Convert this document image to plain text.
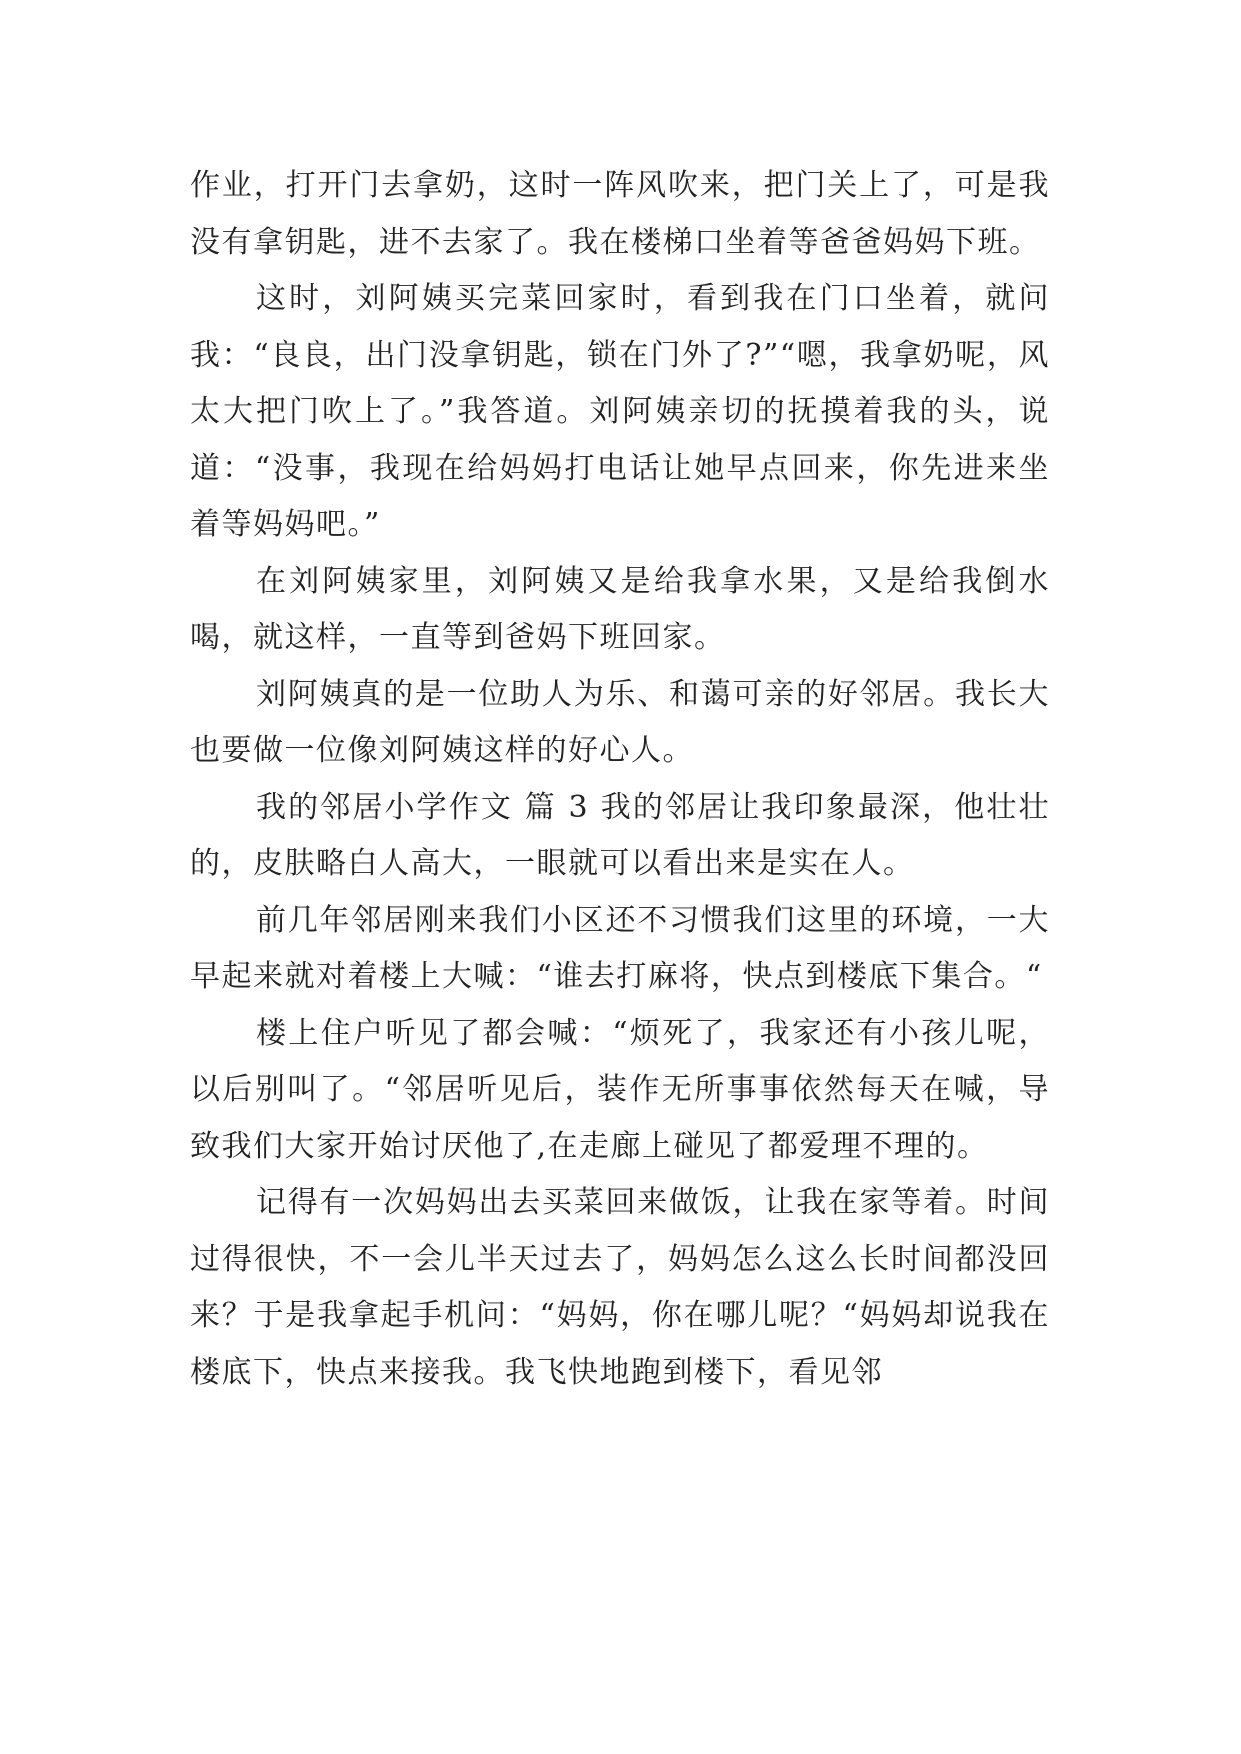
作业，打开门去拿奶，这时一阵风吹来，把门关上了，可是我没有拿钥匙，进不去家了。我在楼梯口坐着等爸爸妈妈下班。

这时，刘阿姨买完菜回家时，看到我在门口坐着，就问我：“良良，出门没拿钥匙，锁在门外了?”“嗯，我拿奶呢，风太大把门吹上了。”我答道。刘阿姨亲切的抚摸着我的头，说道：“没事，我现在给妈妈打电话让她早点回来，你先进来坐着等妈妈吧。”

在刘阿姨家里，刘阿姨又是给我拿水果，又是给我倒水喝，就这样，一直等到爸妈下班回家。

刘阿姨真的是一位助人为乐、和蔼可亲的好邻居。我长大也要做一位像刘阿姨这样的好心人。

我的邻居小学作文 篇 3 我的邻居让我印象最深，他壮壮的，皮肤略白人高大，一眼就可以看出来是实在人。

前几年邻居刚来我们小区还不习惯我们这里的环境，一大早起来就对着楼上大喊：“谁去打麻将，快点到楼底下集合。“

楼上住户听见了都会喊：“烦死了，我家还有小孩儿呢，以后别叫了。“邻居听见后，装作无所事事依然每天在喊，导致我们大家开始讨厌他了,在走廊上碰见了都爱理不理的。

记得有一次妈妈出去买菜回来做饭，让我在家等着。时间过得很快，不一会儿半天过去了，妈妈怎么这么长时间都没回来？于是我拿起手机问：“妈妈，你在哪儿呢？“妈妈却说我在楼底下，快点来接我。我飞快地跑到楼下，看见邻
